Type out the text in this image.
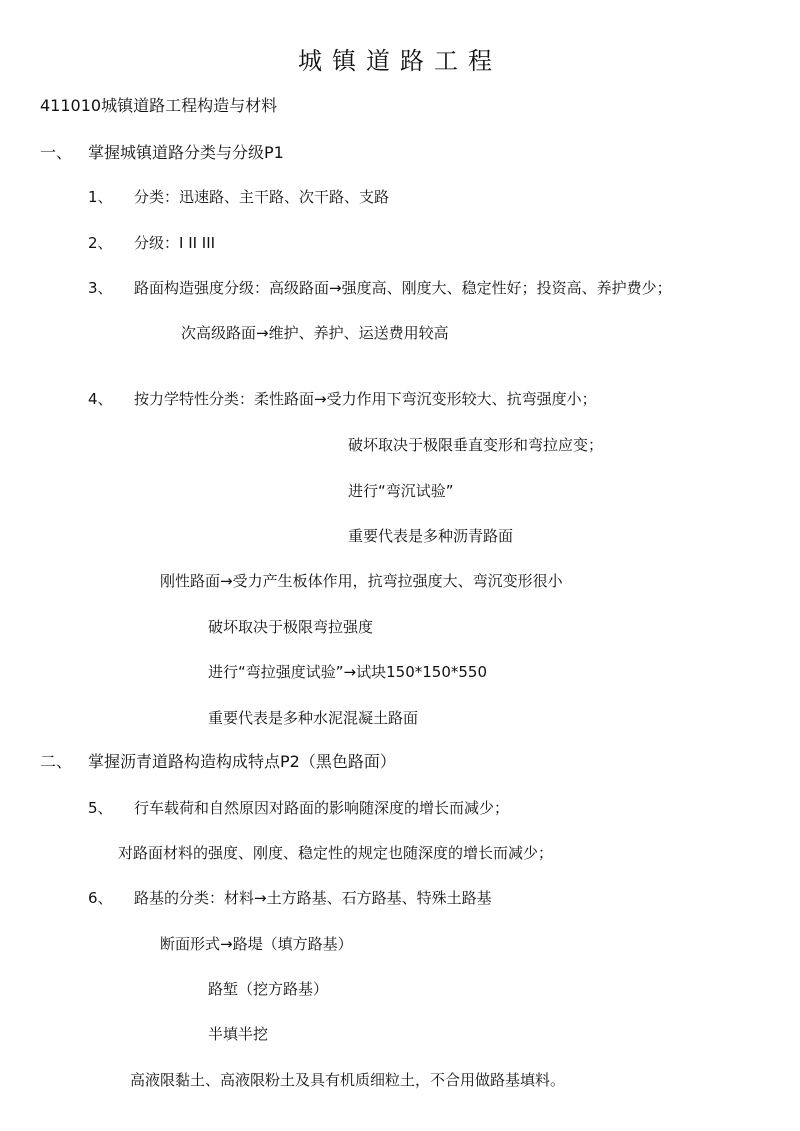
城镇道路工程
411010城镇道路工程构造与材料
一、 掌握城镇道路分类与分级P1
1、 分类：迅速路、主干路、次干路、支路
2、 分级：I II III
3、 路面构造强度分级：高级路面→强度高、刚度大、稳定性好；投资高、养护费少；
次高级路面→维护、养护、运送费用较高
4、 按力学特性分类：柔性路面→受力作用下弯沉变形较大、抗弯强度小；
破坏取决于极限垂直变形和弯拉应变；
进行“弯沉试验”
重要代表是多种沥青路面
刚性路面→受力产生板体作用，抗弯拉强度大、弯沉变形很小
破坏取决于极限弯拉强度
进行“弯拉强度试验”→试块150*150*550
重要代表是多种水泥混凝土路面
二、 掌握沥青道路构造构成特点P2（黑色路面）
5、 行车载荷和自然原因对路面的影响随深度的增长而减少；
对路面材料的强度、刚度、稳定性的规定也随深度的增长而减少；
6、 路基的分类：材料→土方路基、石方路基、特殊土路基
断面形式→路堤（填方路基）
路堑（挖方路基）
半填半挖
高液限黏土、高液限粉土及具有机质细粒土，不合用做路基填料。
